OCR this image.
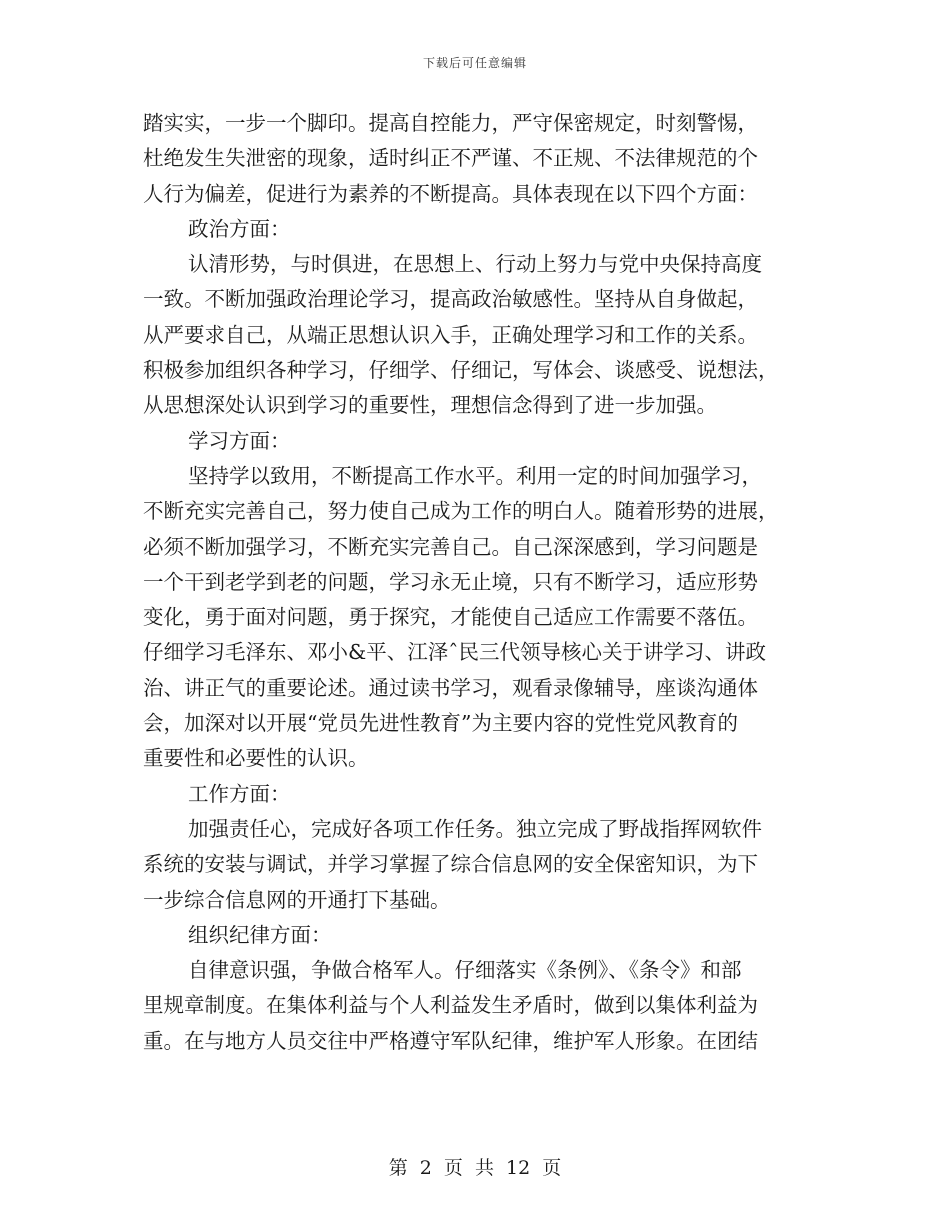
下载后可任意编辑
踏实实，一步一个脚印。提高自控能力，严守保密规定，时刻警惕，
杜绝发生失泄密的现象，适时纠正不严谨、不正规、不法律规范的个
人行为偏差，促进行为素养的不断提高。具体表现在以下四个方面：
政治方面：
认清形势，与时俱进，在思想上、行动上努力与党中央保持高度
一致。不断加强政治理论学习，提高政治敏感性。坚持从自身做起，
从严要求自己，从端正思想认识入手，正确处理学习和工作的关系。
积极参加组织各种学习，仔细学、仔细记，写体会、谈感受、说想法，
从思想深处认识到学习的重要性，理想信念得到了进一步加强。
学习方面：
坚持学以致用，不断提高工作水平。利用一定的时间加强学习，
不断充实完善自己，努力使自己成为工作的明白人。随着形势的进展，
必须不断加强学习，不断充实完善自己。自己深深感到，学习问题是
一个干到老学到老的问题，学习永无止境，只有不断学习，适应形势
变化，勇于面对问题，勇于探究，才能使自己适应工作需要不落伍。
仔细学习毛泽东、邓小&平、江泽ˆ民三代领导核心关于讲学习、讲政
治、讲正气的重要论述。通过读书学习，观看录像辅导，座谈沟通体
会，加深对以开展“党员先进性教育”为主要内容的党性党风教育的
重要性和必要性的认识。
工作方面：
加强责任心，完成好各项工作任务。独立完成了野战指挥网软件
系统的安装与调试，并学习掌握了综合信息网的安全保密知识，为下
一步综合信息网的开通打下基础。
组织纪律方面：
自律意识强，争做合格军人。仔细落实《条例》、《条令》和部
里规章制度。在集体利益与个人利益发生矛盾时，做到以集体利益为
重。在与地方人员交往中严格遵守军队纪律，维护军人形象。在团结
第 2 页 共 12 页
